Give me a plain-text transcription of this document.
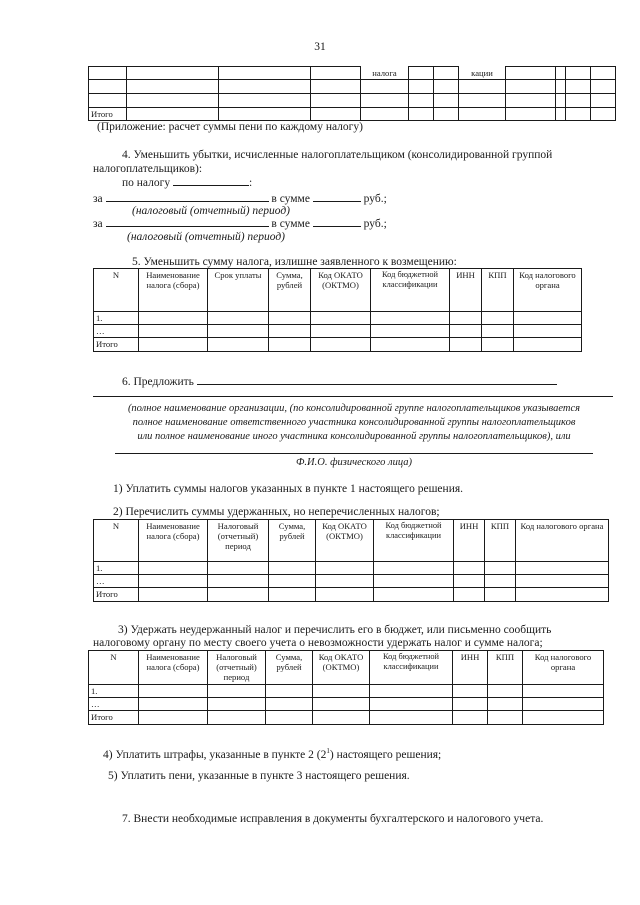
31
				налога			кации				

Итого											
(Приложение: расчет суммы пени по каждому налогу)
4. Уменьшить убытки, исчисленные налогоплательщиком (консолидированной группой
налогоплательщиков):
по налогу	:
за	в сумме	руб.;
(налоговый (отчетный) период)
за	в сумме	руб.;
(налоговый (отчетный) период)
5. Уменьшить сумму налога, излишне заявленного к возмещению:
N	Наименование налога (сбора)	Срок уплаты	Сумма, рублей	Код ОКАТО (ОКТМО)	Код бюджетной классификации	ИНН	КПП	Код налогового органа
1.								
…								
Итого								
6. Предложить
(полное наименование организации, (по консолидированной группе налогоплательщиков указывается
полное наименование ответственного участника консолидированной группы налогоплательщиков
или полное наименование иного участника консолидированной группы налогоплательщиков), или
Ф.И.О. физического лица)
1) Уплатить суммы налогов указанных в пункте 1 настоящего решения.
2) Перечислить суммы удержанных, но неперечисленных налогов;
N	Наименование налога (сбора)	Налоговый (отчетный) период	Сумма, рублей	Код ОКАТО (ОКТМО)	Код бюджетной классификации	ИНН	КПП	Код налогового органа
1.								
…								
Итого								
3) Удержать неудержанный налог и перечислить его в бюджет, или письменно сообщить
налоговому органу по месту своего учета о невозможности удержать налог и сумме налога;
N	Наименование налога (сбора)	Налоговый (отчетный) период	Сумма, рублей	Код ОКАТО (ОКТМО)	Код бюджетной классификации	ИНН	КПП	Код налогового органа
1.								
…								
Итого								
4) Уплатить штрафы, указанные в пункте 2 $(2^1)$ настоящего решения;
5) Уплатить пени, указанные в пункте 3 настоящего решения.
7. Внести необходимые исправления в документы бухгалтерского и налогового учета.
